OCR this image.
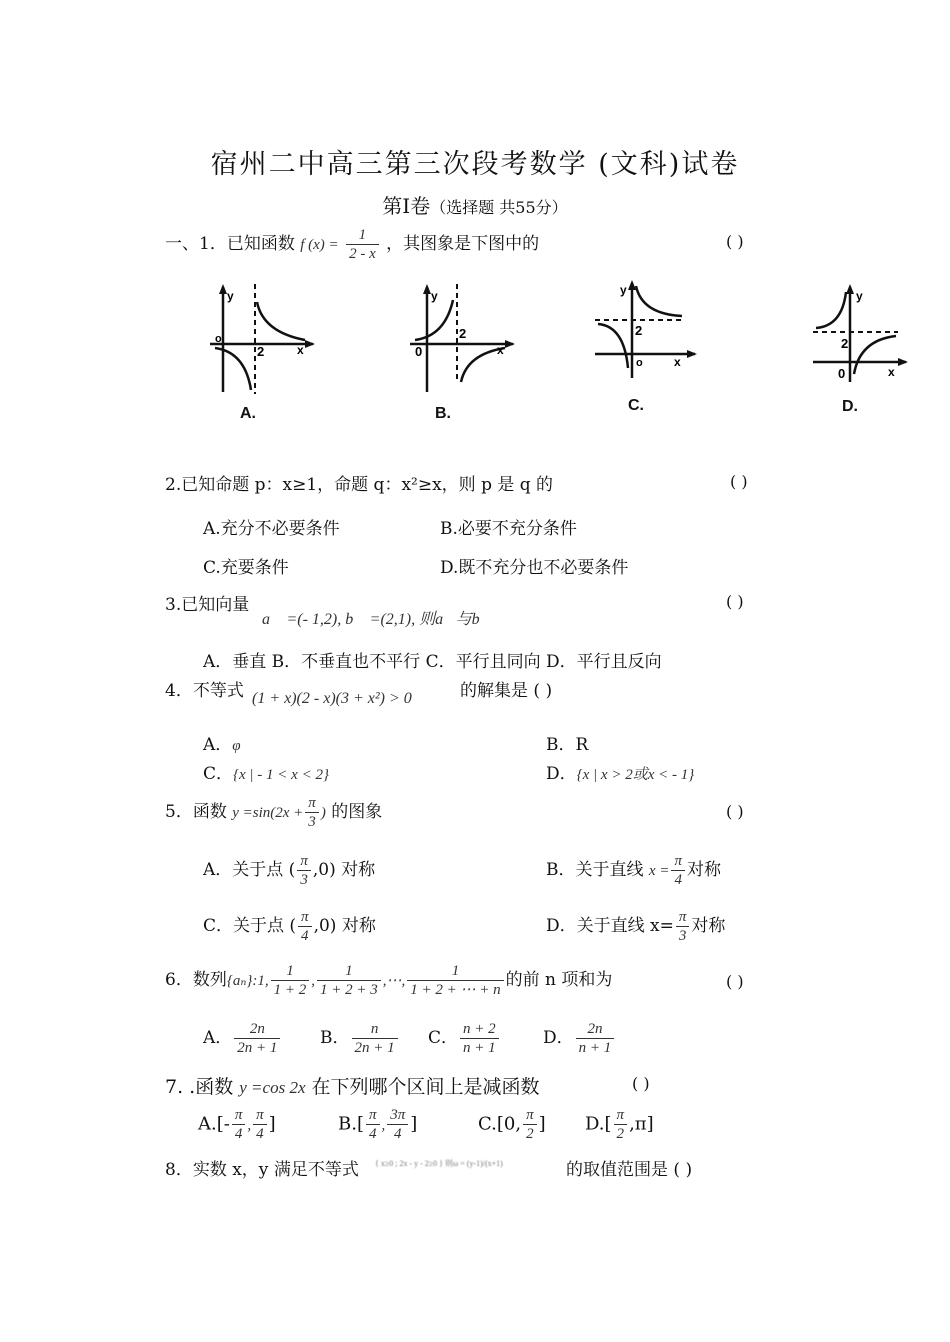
宿州二中高三第三次段考数学 (文科)试卷
第Ⅰ卷（选择题 共55分）
一、1．已知函数 f $(x) = \frac{1}{2 - x}$ ，其图象是下图中的	( )
y
x
o
2
A.
y
x
0
2
B.
y
x
o
2
C.
y
x
0
2
D.
2.已知命题 p：x≥1，命题 q：x²≥x，则 p 是 q 的	( )
A.充分不必要条件	B.必要不充分条件
C.充要条件	D.既不充分也不必要条件
3.已知向量
a⃗ =(- 1,2), b⃗ =(2,1), 则a⃗与b⃗
( )
A．垂直 B．不垂直也不平行 C．平行且同向 D．平行且反向
4．不等式 (1 + x)(2 - x)(3 + x²) > 0	的解集是 ( )
A．φ	B．R
C．{x | - 1 < x < 2}	D．{x | x > 2或x < - 1}
5．函数 $y =\sin(2x + \frac{\pi}{3}$ ) 的图象	( )
A．关于点 ( $\frac{\pi}{3} ,0$) 对称	B．关于直线 $x = \frac{\pi}{4}$ 对称
C．关于点 ( $\frac{\pi}{4} ,0$) 对称	D．关于直线 $x= \frac{\pi}{3}$ 对称
6．数列{aₙ}:1, $\frac{1}{1 + 2}$ , $\frac{1}{1 + 2 + 3}$ ,⋯, $\frac{1}{1 + 2 + \cdots + n}$ 的前 n 项和为	( )
A． $\frac{2n}{2n + 1}$ B． $\frac{n}{2n + 1}$ C． $\frac{n + 2}{n + 1}$	D． $\frac{2n}{n + 1}$
7. .函数 y =cos 2x 在下列哪个区间上是减函数	( )
$A.[- \frac{\pi}{4}$ , $\frac{\pi}{4}$ ]	$B.[ \frac{\pi}{4}$ , $\frac{3\pi}{4}$ ]	C.[0, $\frac{\pi}{2}$ ] $D.[ \frac{\pi}{2} ,\pi]$
8．实数 x，y 满足不等式 { x≥0 ; 2x - y - 2≥0 } 则ω = (y-1)/(x+1)	的取值范围是 ( )
